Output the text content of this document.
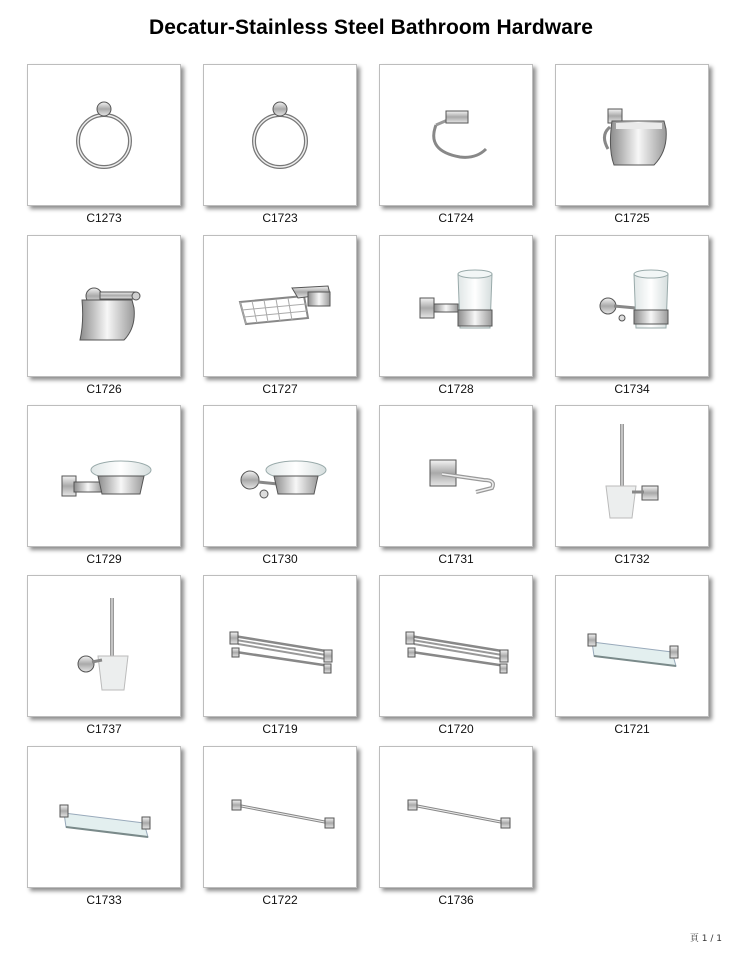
Decatur-Stainless Steel Bathroom Hardware
C1273	C1723	C1724	C1725
C1726	C1727	C1728	C1734
C1729	C1730	C1731	C1732
C1737	C1719	C1720	C1721
C1733	C1722	C1736
頁 1 / 1
